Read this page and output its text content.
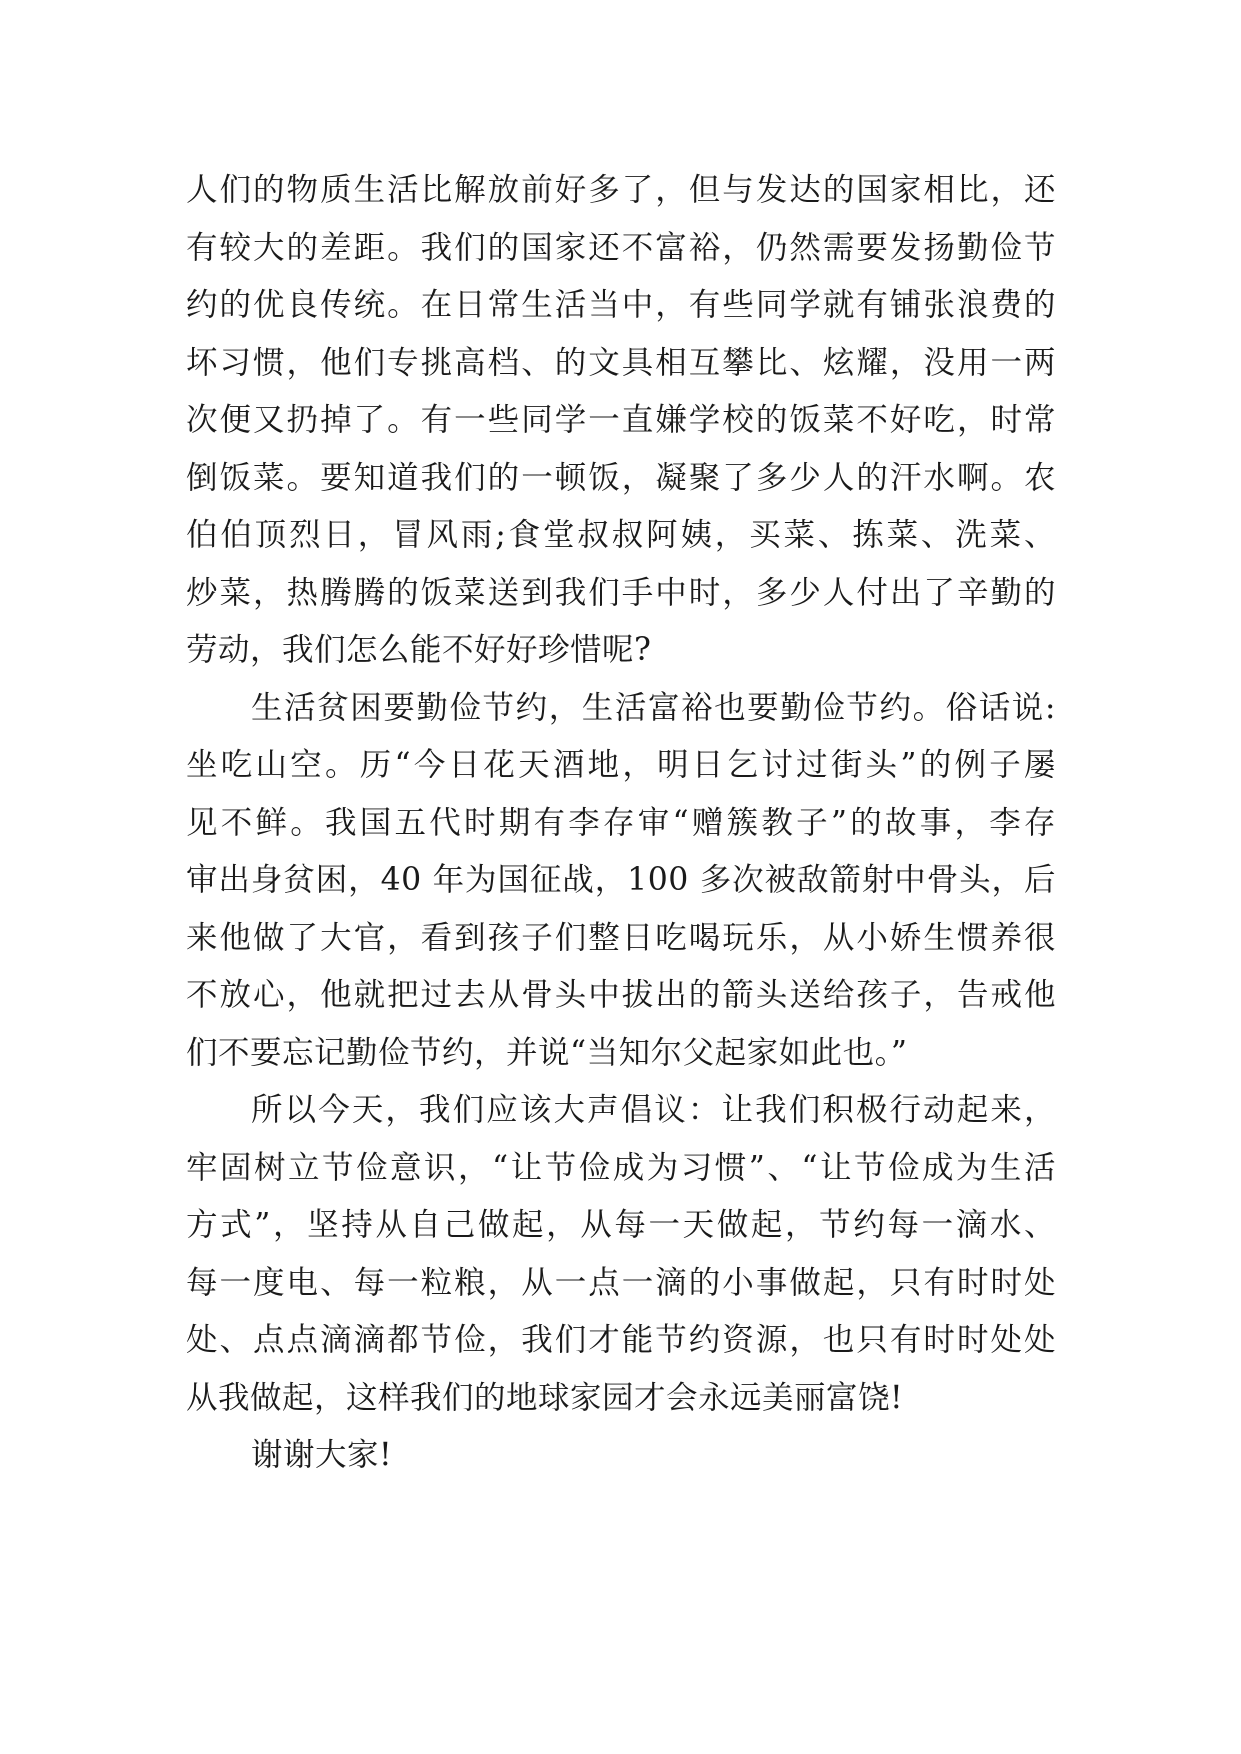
人们的物质生活比解放前好多了，但与发达的国家相比，还
有较大的差距。我们的国家还不富裕，仍然需要发扬勤俭节
约的优良传统。在日常生活当中，有些同学就有铺张浪费的
坏习惯，他们专挑高档、的文具相互攀比、炫耀，没用一两
次便又扔掉了。有一些同学一直嫌学校的饭菜不好吃，时常
倒饭菜。要知道我们的一顿饭，凝聚了多少人的汗水啊。农
伯伯顶烈日，冒风雨;食堂叔叔阿姨，买菜、拣菜、洗菜、
炒菜，热腾腾的饭菜送到我们手中时，多少人付出了辛勤的
劳动，我们怎么能不好好珍惜呢?
生活贫困要勤俭节约，生活富裕也要勤俭节约。俗话说:
坐吃山空。历“今日花天酒地，明日乞讨过街头”的例子屡
见不鲜。我国五代时期有李存审“赠簇教子”的故事，李存
审出身贫困，40 年为国征战，100 多次被敌箭射中骨头，后
来他做了大官，看到孩子们整日吃喝玩乐，从小娇生惯养很
不放心，他就把过去从骨头中拔出的箭头送给孩子，告戒他
们不要忘记勤俭节约，并说“当知尔父起家如此也。”
所以今天，我们应该大声倡议：让我们积极行动起来，
牢固树立节俭意识，“让节俭成为习惯”、“让节俭成为生活
方式”，坚持从自己做起，从每一天做起，节约每一滴水、
每一度电、每一粒粮，从一点一滴的小事做起，只有时时处
处、点点滴滴都节俭，我们才能节约资源，也只有时时处处
从我做起，这样我们的地球家园才会永远美丽富饶!
谢谢大家!
